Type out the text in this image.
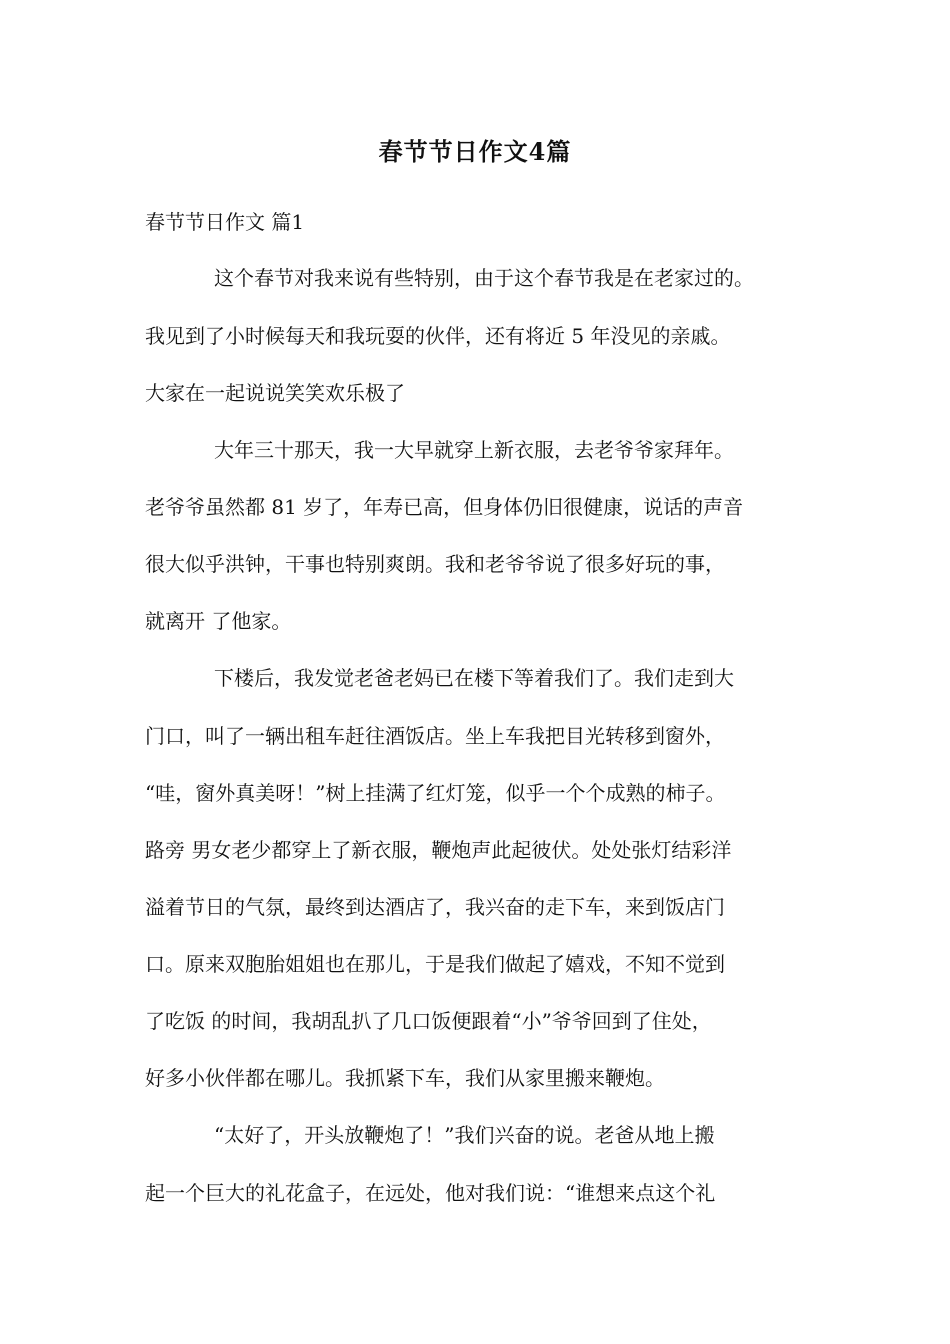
春节节日作文4篇
春节节日作文 篇1
这个春节对我来说有些特别，由于这个春节我是在老家过的。
我见到了小时候每天和我玩耍的伙伴，还有将近 5 年没见的亲戚。
大家在一起说说笑笑欢乐极了
大年三十那天，我一大早就穿上新衣服，去老爷爷家拜年。
老爷爷虽然都 81 岁了，年寿已高，但身体仍旧很健康，说话的声音
很大似乎洪钟，干事也特别爽朗。我和老爷爷说了很多好玩的事，
就离开 了他家。
下楼后，我发觉老爸老妈已在楼下等着我们了。我们走到大
门口，叫了一辆出租车赶往酒饭店。坐上车我把目光转移到窗外，
“哇，窗外真美呀！”树上挂满了红灯笼，似乎一个个成熟的柿子。
路旁 男女老少都穿上了新衣服，鞭炮声此起彼伏。处处张灯结彩洋
溢着节日的气氛，最终到达酒店了，我兴奋的走下车，来到饭店门
口。原来双胞胎姐姐也在那儿，于是我们做起了嬉戏，不知不觉到
了吃饭 的时间，我胡乱扒了几口饭便跟着“小”爷爷回到了住处，
好多小伙伴都在哪儿。我抓紧下车，我们从家里搬来鞭炮。
“太好了，开头放鞭炮了！”我们兴奋的说。老爸从地上搬
起一个巨大的礼花盒子，在远处，他对我们说：“谁想来点这个礼
